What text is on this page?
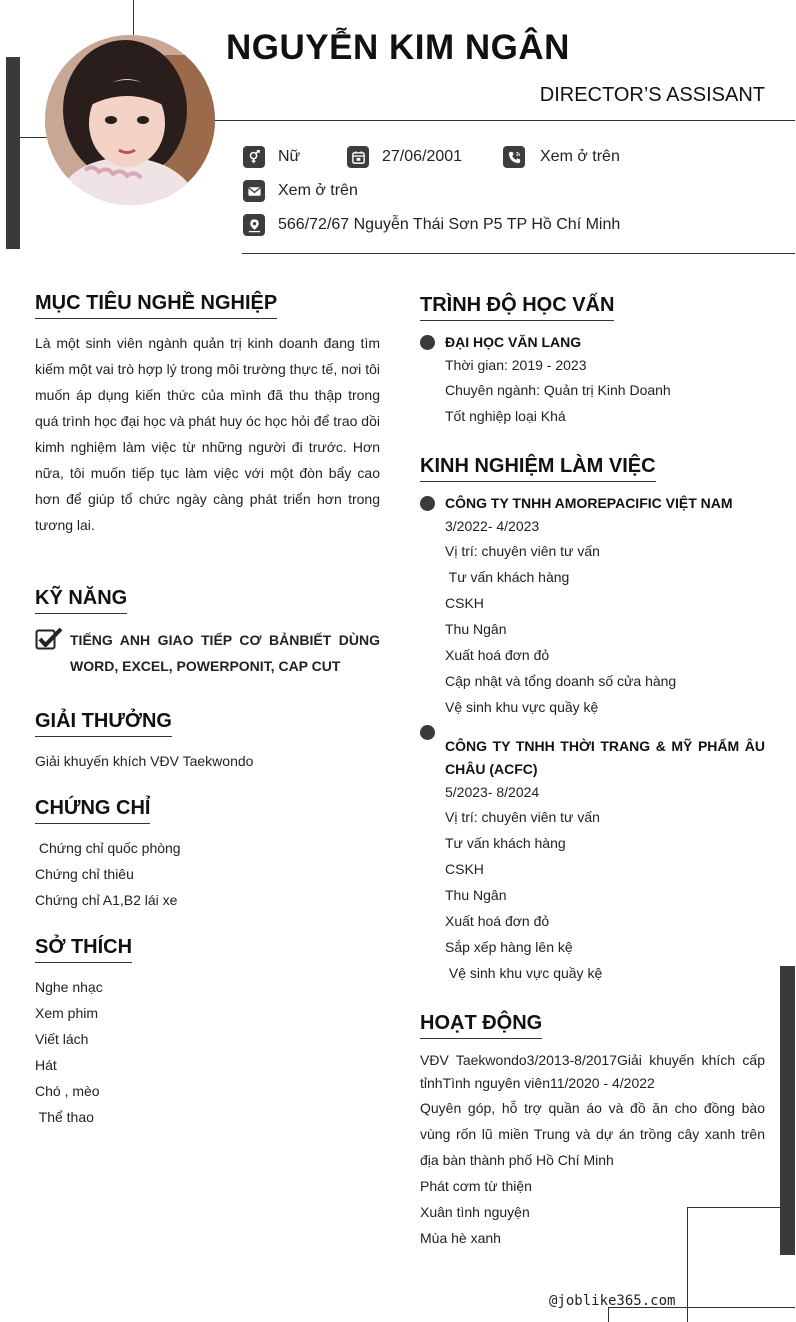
NGUYỄN KIM NGÂN
DIRECTOR’S ASSISANT
Nữ	27/06/2001	Xem ở trên
Xem ở trên
566/72/67 Nguyễn Thái Sơn P5 TP Hồ Chí Minh
MỤC TIÊU NGHỀ NGHIỆP
Là một sinh viên ngành quản trị kinh doanh đang tìm kiếm một vai trò hợp lý trong môi trường thực tế, nơi tôi muốn áp dụng kiến thức của mình đã thu thập trong quá trình học đại học và phát huy óc học hỏi để trao dồi kimh nghiệm làm việc từ những người đi trước. Hơn nữa, tôi muốn tiếp tục làm việc với một đòn bẩy cao hơn để giúp tổ chức ngày càng phát triển hơn trong tương lai.
KỸ NĂNG
TIẾNG ANH GIAO TIẾP CƠ BẢNBIẾT DÙNG WORD, EXCEL, POWERPONIT, CAP CUT
GIẢI THƯỞNG
Giải khuyến khích VĐV Taekwondo
CHỨNG CHỈ
Chứng chỉ quốc phòng
Chứng chỉ thiêu
Chứng chỉ A1,B2 lái xe
SỞ THÍCH
Nghe nhạc
Xem phim
Viết lách
Hát
Chó , mèo
Thể thao
TRÌNH ĐỘ HỌC VẤN
ĐẠI HỌC VĂN LANG
Thời gian: 2019 - 2023
Chuyên ngành: Quản trị Kinh Doanh
Tốt nghiệp loại Khá
KINH NGHIỆM LÀM VIỆC
CÔNG TY TNHH AMOREPACIFIC VIỆT NAM
3/2022- 4/2023
Vị trí: chuyên viên tư vấn
Tư vấn khách hàng
CSKH
Thu Ngân
Xuất hoá đơn đỏ
Cập nhật và tổng doanh số cửa hàng
Vệ sinh khu vực quầy kệ
CÔNG TY TNHH THỜI TRANG & MỸ PHẨM ÂU CHÂU (ACFC)
5/2023- 8/2024
Vị trí: chuyên viên tư vấn
Tư vấn khách hàng
CSKH
Thu Ngân
Xuất hoá đơn đỏ
Sắp xếp hàng lên kệ
Vệ sinh khu vực quầy kệ
HOẠT ĐỘNG
VĐV Taekwondo3/2013-8/2017Giải khuyến khích cấp tỉnhTình nguyên viên11/2020 - 4/2022
Quyên góp, hỗ trợ quần áo và đồ ăn cho đồng bào vùng rốn lũ miền Trung và dự án trồng cây xanh trên địa bàn thành phố Hồ Chí Minh
Phát cơm từ thiện
Xuân tình nguyện
Mùa hè xanh
@joblike365.com
